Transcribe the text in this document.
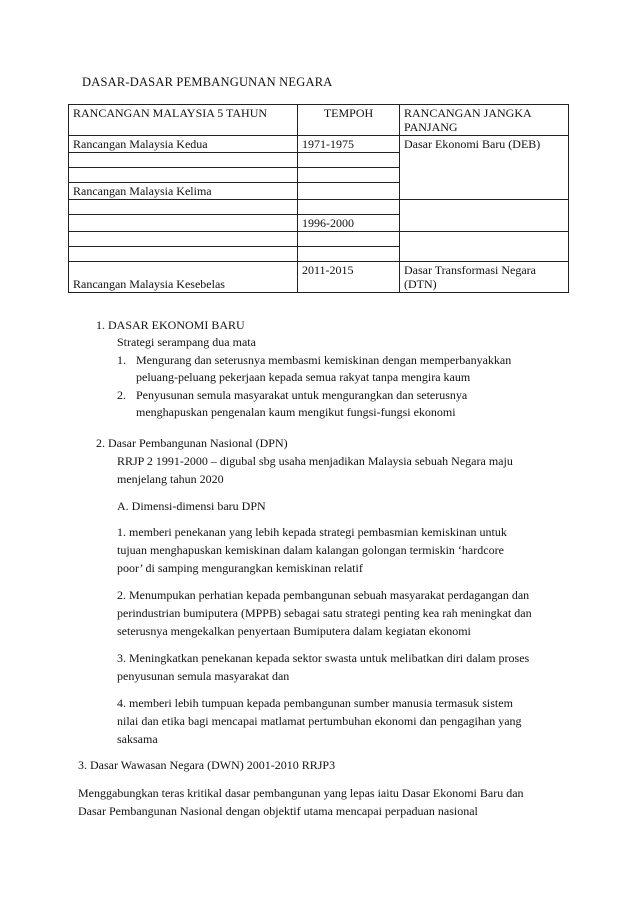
DASAR-DASAR PEMBANGUNAN NEGARA
RANCANGAN MALAYSIA 5 TAHUN	TEMPOH	RANCANGAN JANGKA PANJANG
Rancangan Malaysia Kedua	1971-1975	Dasar Ekonomi Baru (DEB)

Rancangan Malaysia Kelima		

	1996-2000	

Rancangan Malaysia Kesebelas	2011-2015	Dasar Transformasi Negara (DTN)
1. DASAR EKONOMI BARU
Strategi serampang dua mata
1. Mengurang dan seterusnya membasmi kemiskinan dengan memperbanyakkan
peluang-peluang pekerjaan kepada semua rakyat tanpa mengira kaum
2. Penyusunan semula masyarakat untuk mengurangkan dan seterusnya
menghapuskan pengenalan kaum mengikut fungsi-fungsi ekonomi
2. Dasar Pembangunan Nasional (DPN)
RRJP 2 1991-2000 – digubal sbg usaha menjadikan Malaysia sebuah Negara maju
menjelang tahun 2020
A. Dimensi-dimensi baru DPN
1. memberi penekanan yang lebih kepada strategi pembasmian kemiskinan untuk
tujuan menghapuskan kemiskinan dalam kalangan golongan termiskin ‘hardcore
poor’ di samping mengurangkan kemiskinan relatif
2. Menumpukan perhatian kepada pembangunan sebuah masyarakat perdagangan dan
perindustrian bumiputera (MPPB) sebagai satu strategi penting kea rah meningkat dan
seterusnya mengekalkan penyertaan Bumiputera dalam kegiatan ekonomi
3. Meningkatkan penekanan kepada sektor swasta untuk melibatkan diri dalam proses
penyusunan semula masyarakat dan
4. memberi lebih tumpuan kepada pembangunan sumber manusia termasuk sistem
nilai dan etika bagi mencapai matlamat pertumbuhan ekonomi dan pengagihan yang
saksama
3. Dasar Wawasan Negara (DWN) 2001-2010 RRJP3
Menggabungkan teras kritikal dasar pembangunan yang lepas iaitu Dasar Ekonomi Baru dan
Dasar Pembangunan Nasional dengan objektif utama mencapai perpaduan nasional
